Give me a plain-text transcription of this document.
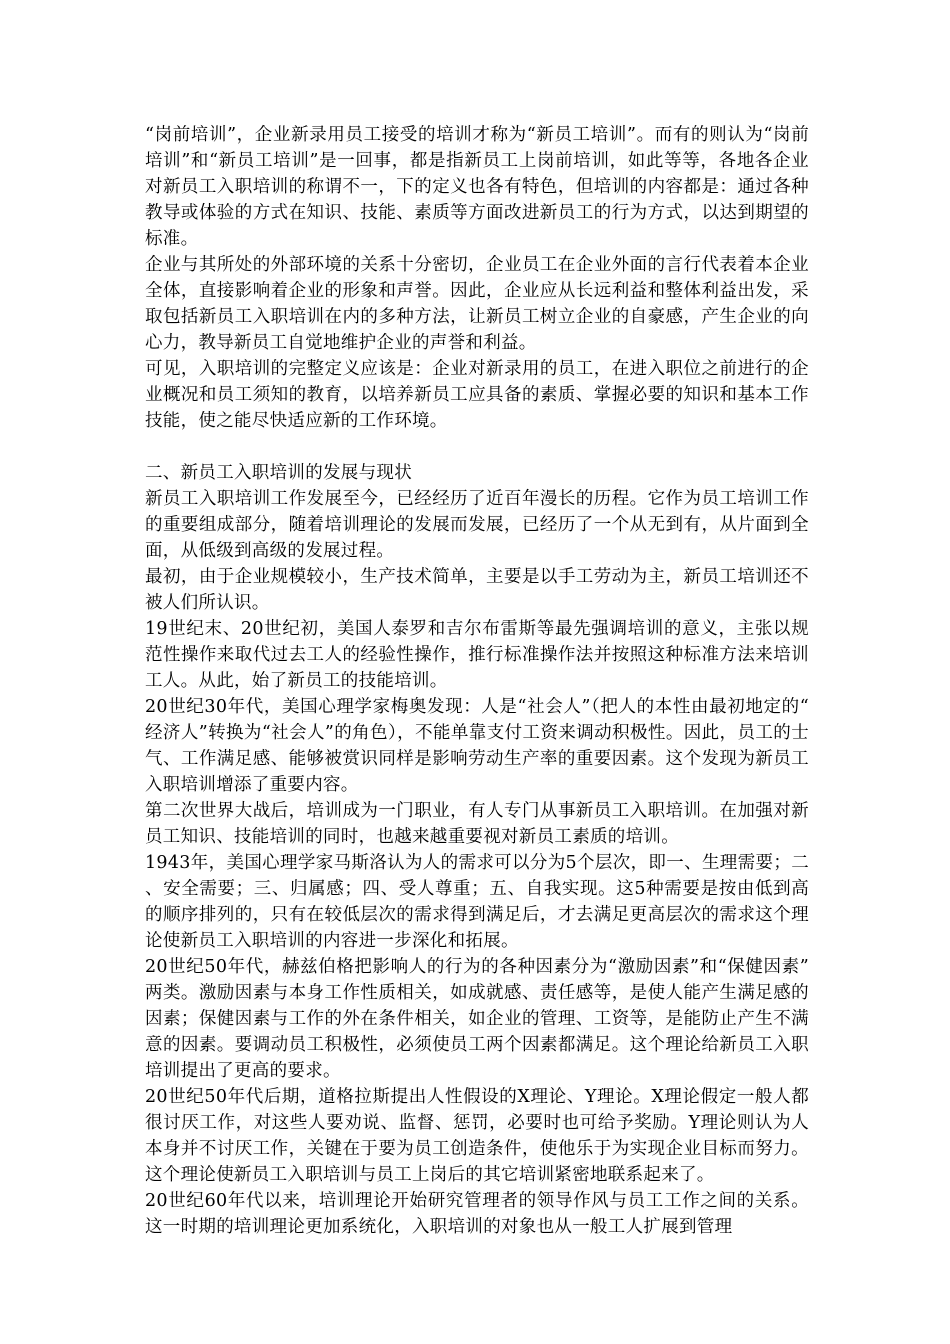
“岗前培训”，企业新录用员工接受的培训才称为“新员工培训”。而有的则认为“岗前培训”和“新员工培训”是一回事，都是指新员工上岗前培训，如此等等，各地各企业对新员工入职培训的称谓不一，下的定义也各有特色，但培训的内容都是：通过各种教导或体验的方式在知识、技能、素质等方面改进新员工的行为方式，以达到期望的标准。

企业与其所处的外部环境的关系十分密切，企业员工在企业外面的言行代表着本企业全体，直接影响着企业的形象和声誉。因此，企业应从长远利益和整体利益出发，采取包括新员工入职培训在内的多种方法，让新员工树立企业的自豪感，产生企业的向心力，教导新员工自觉地维护企业的声誉和利益。

可见，入职培训的完整定义应该是：企业对新录用的员工，在进入职位之前进行的企业概况和员工须知的教育，以培养新员工应具备的素质、掌握必要的知识和基本工作技能，使之能尽快适应新的工作环境。

二、新员工入职培训的发展与现状

新员工入职培训工作发展至今，已经经历了近百年漫长的历程。它作为员工培训工作的重要组成部分，随着培训理论的发展而发展，已经历了一个从无到有，从片面到全面，从低级到高级的发展过程。

最初，由于企业规模较小，生产技术简单，主要是以手工劳动为主，新员工培训还不被人们所认识。

19世纪末、20世纪初，美国人泰罗和吉尔布雷斯等最先强调培训的意义，主张以规范性操作来取代过去工人的经验性操作，推行标准操作法并按照这种标准方法来培训工人。从此，始了新员工的技能培训。

20世纪30年代，美国心理学家梅奥发现：人是“社会人”（把人的本性由最初地定的“经济人”转换为“社会人”的角色），不能单靠支付工资来调动积极性。因此，员工的士气、工作满足感、能够被赏识同样是影响劳动生产率的重要因素。这个发现为新员工入职培训增添了重要内容。

第二次世界大战后，培训成为一门职业，有人专门从事新员工入职培训。在加强对新员工知识、技能培训的同时，也越来越重要视对新员工素质的培训。

1943年，美国心理学家马斯洛认为人的需求可以分为5个层次，即一、生理需要；二、安全需要；三、归属感；四、受人尊重；五、自我实现。这5种需要是按由低到高的顺序排列的，只有在较低层次的需求得到满足后，才去满足更高层次的需求这个理论使新员工入职培训的内容进一步深化和拓展。

20世纪50年代，赫兹伯格把影响人的行为的各种因素分为“激励因素”和“保健因素”两类。激励因素与本身工作性质相关，如成就感、责任感等，是使人能产生满足感的因素；保健因素与工作的外在条件相关，如企业的管理、工资等，是能防止产生不满意的因素。要调动员工积极性，必须使员工两个因素都满足。这个理论给新员工入职培训提出了更高的要求。

20世纪50年代后期，道格拉斯提出人性假设的X理论、Y理论。X理论假定一般人都很讨厌工作，对这些人要劝说、监督、惩罚，必要时也可给予奖励。Y理论则认为人本身并不讨厌工作，关键在于要为员工创造条件，使他乐于为实现企业目标而努力。这个理论使新员工入职培训与员工上岗后的其它培训紧密地联系起来了。

20世纪60年代以来，培训理论开始研究管理者的领导作风与员工工作之间的关系。这一时期的培训理论更加系统化，入职培训的对象也从一般工人扩展到管理
